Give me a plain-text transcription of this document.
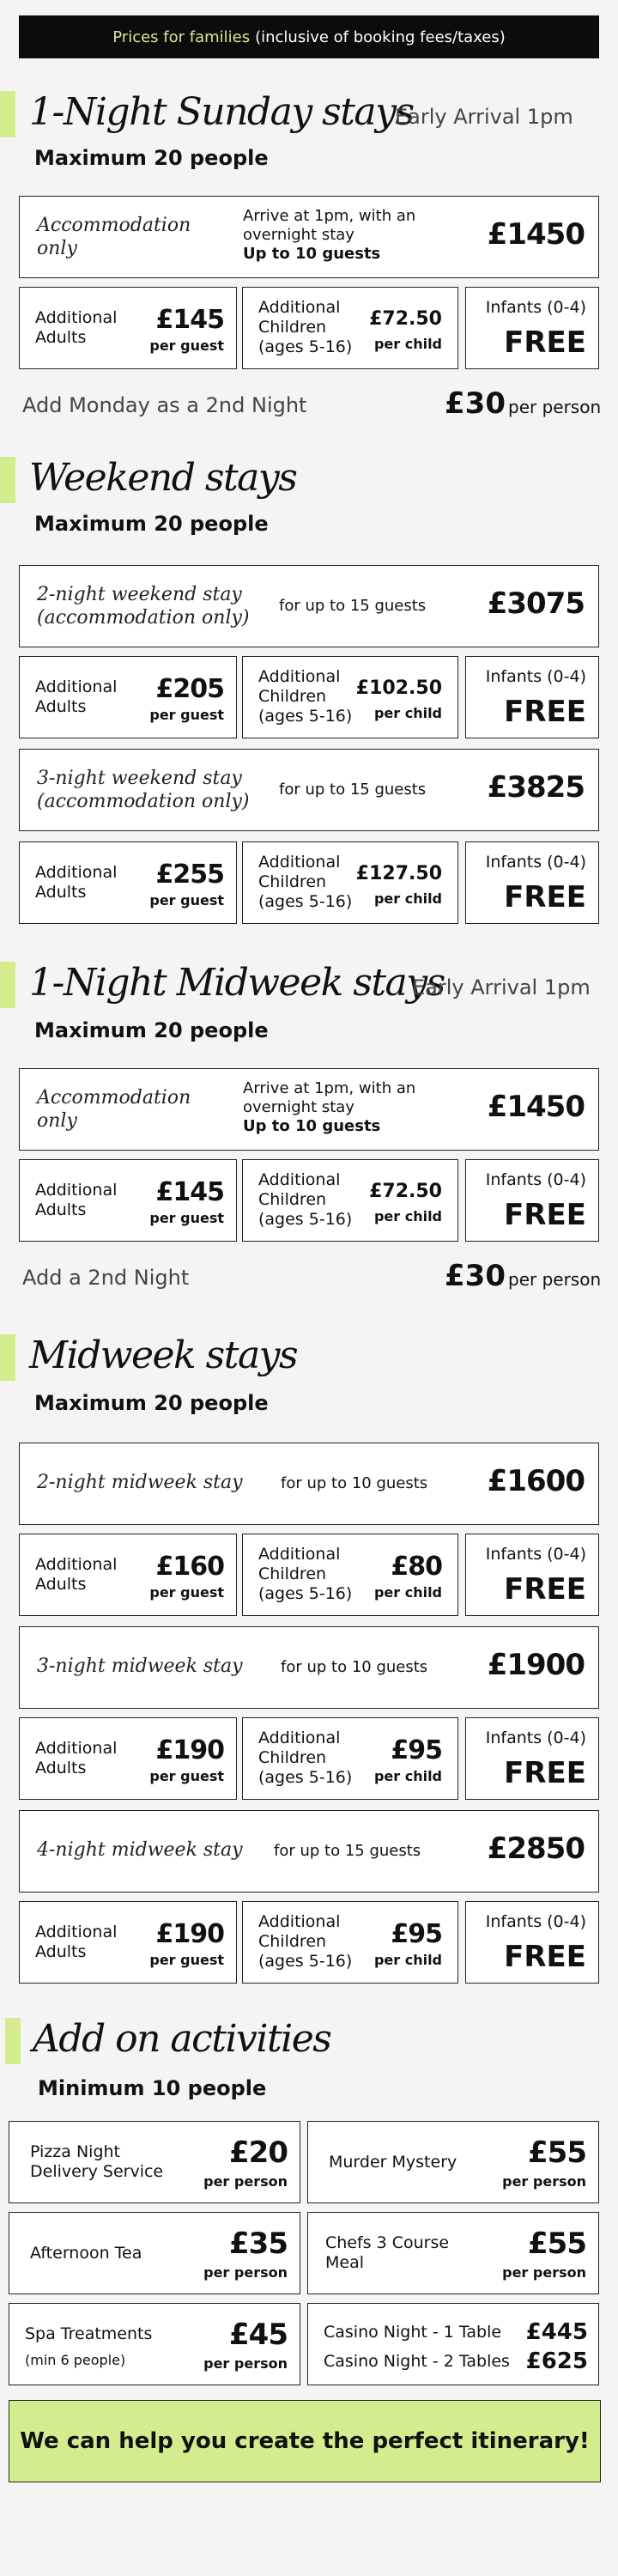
Prices for families (inclusive of booking fees/taxes)
1-Night Sunday stays
Early Arrival 1pm
Maximum 20 people
Accommodation
only
Arrive at 1pm, with an
overnight stay
Up to 10 guests
£1450
Additional
Adults
£145
per guest
Additional
Children
(ages 5-16)
£72.50
per child
Infants (0-4)
FREE
Add Monday as a 2nd Night	£30 per person
Weekend stays
Maximum 20 people
2-night weekend stay
(accommodation only)
for up to 15 guests £3075
Additional
Adults
£205
per guest
Additional
Children
(ages 5-16)
£102.50
per child
Infants (0-4)
FREE
3-night weekend stay
(accommodation only)
for up to 15 guests £3825
Additional
Adults
£255
per guest
Additional
Children
(ages 5-16)
£127.50
per child
Infants (0-4)
FREE
1-Night Midweek stays
Early Arrival 1pm
Maximum 20 people
Accommodation
only
Arrive at 1pm, with an
overnight stay
Up to 10 guests
£1450
Additional
Adults
£145
per guest
Additional
Children
(ages 5-16)
£72.50
per child
Infants (0-4)
FREE
Add a 2nd Night	£30 per person
Midweek stays
Maximum 20 people
2-night midweek stay for up to 10 guests £1600
Additional
Adults
£160
per guest
Additional
Children
(ages 5-16)
£80
per child
Infants (0-4)
FREE
3-night midweek stay for up to 10 guests £1900
Additional
Adults
£190
per guest
Additional
Children
(ages 5-16)
£95
per child
Infants (0-4)
FREE
4-night midweek stay for up to 15 guests £2850
Additional
Adults
£190
per guest
Additional
Children
(ages 5-16)
£95
per child
Infants (0-4)
FREE
Add on activities
Minimum 10 people
Pizza Night
Delivery Service
£20
per person
Murder Mystery £55
per person
Afternoon Tea	£35
per person
Chefs 3 Course
Meal
£55
per person
Spa Treatments
(min 6 people)
£45
per person
Casino Night - 1 Table £445
Casino Night - 2 Tables £625
We can help you create the perfect itinerary!
